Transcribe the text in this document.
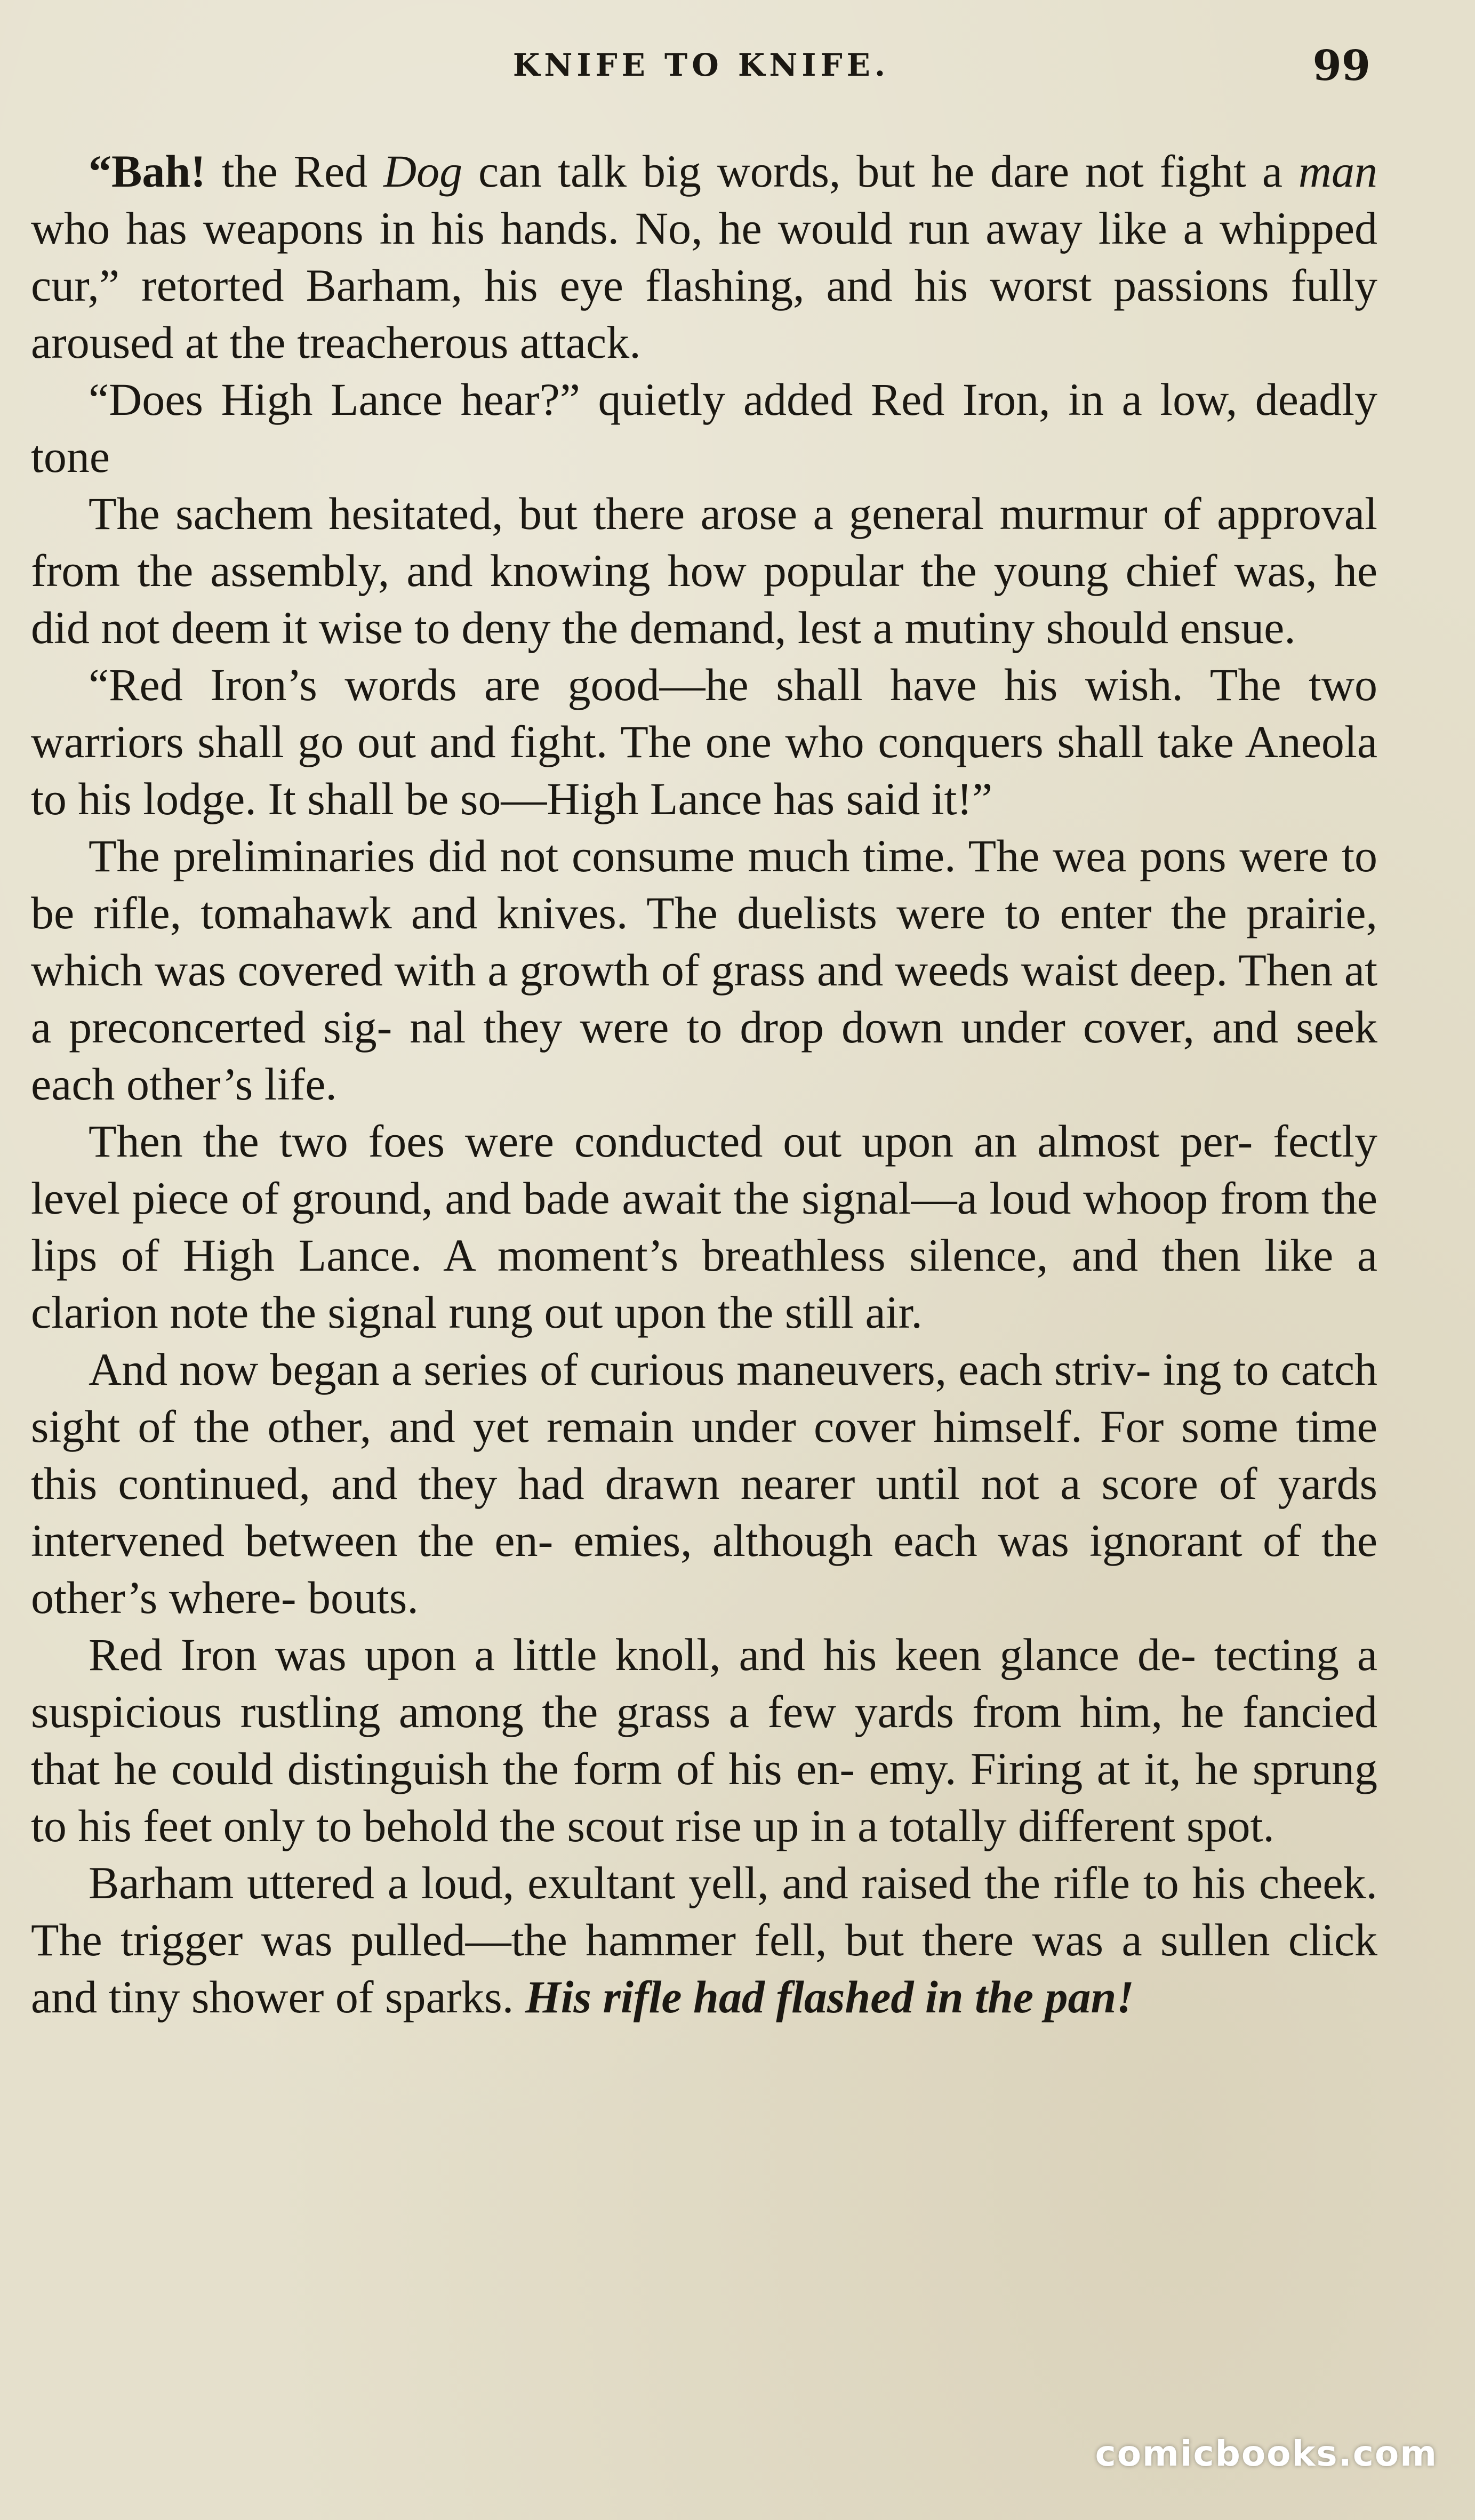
KNIFE TO KNIFE.	99

“Bah! the Red Dog can talk big words, but he dare not fight a man who has weapons in his hands. No, he would run away like a whipped cur,” retorted Barham, his eye flashing, and his worst passions fully aroused at the treacherous attack.

“Does High Lance hear?” quietly added Red Iron, in a low, deadly tone

The sachem hesitated, but there arose a general murmur of approval from the assembly, and knowing how popular the young chief was, he did not deem it wise to deny the demand, lest a mutiny should ensue.

“Red Iron’s words are good—he shall have his wish. The two warriors shall go out and fight. The one who conquers shall take Aneola to his lodge. It shall be so—High Lance has said it!”

The preliminaries did not consume much time. The wea pons were to be rifle, tomahawk and knives. The duelists were to enter the prairie, which was covered with a growth of grass and weeds waist deep. Then at a preconcerted sig- nal they were to drop down under cover, and seek each other’s life.

Then the two foes were conducted out upon an almost per- fectly level piece of ground, and bade await the signal—a loud whoop from the lips of High Lance. A moment’s breathless silence, and then like a clarion note the signal rung out upon the still air.

And now began a series of curious maneuvers, each striv- ing to catch sight of the other, and yet remain under cover himself. For some time this continued, and they had drawn nearer until not a score of yards intervened between the en- emies, although each was ignorant of the other’s where- bouts.

Red Iron was upon a little knoll, and his keen glance de- tecting a suspicious rustling among the grass a few yards from him, he fancied that he could distinguish the form of his en- emy. Firing at it, he sprung to his feet only to behold the scout rise up in a totally different spot.

Barham uttered a loud, exultant yell, and raised the rifle to his cheek. The trigger was pulled—the hammer fell, but there was a sullen click and tiny shower of sparks. His rifle had flashed in the pan!

comicbooks.com
